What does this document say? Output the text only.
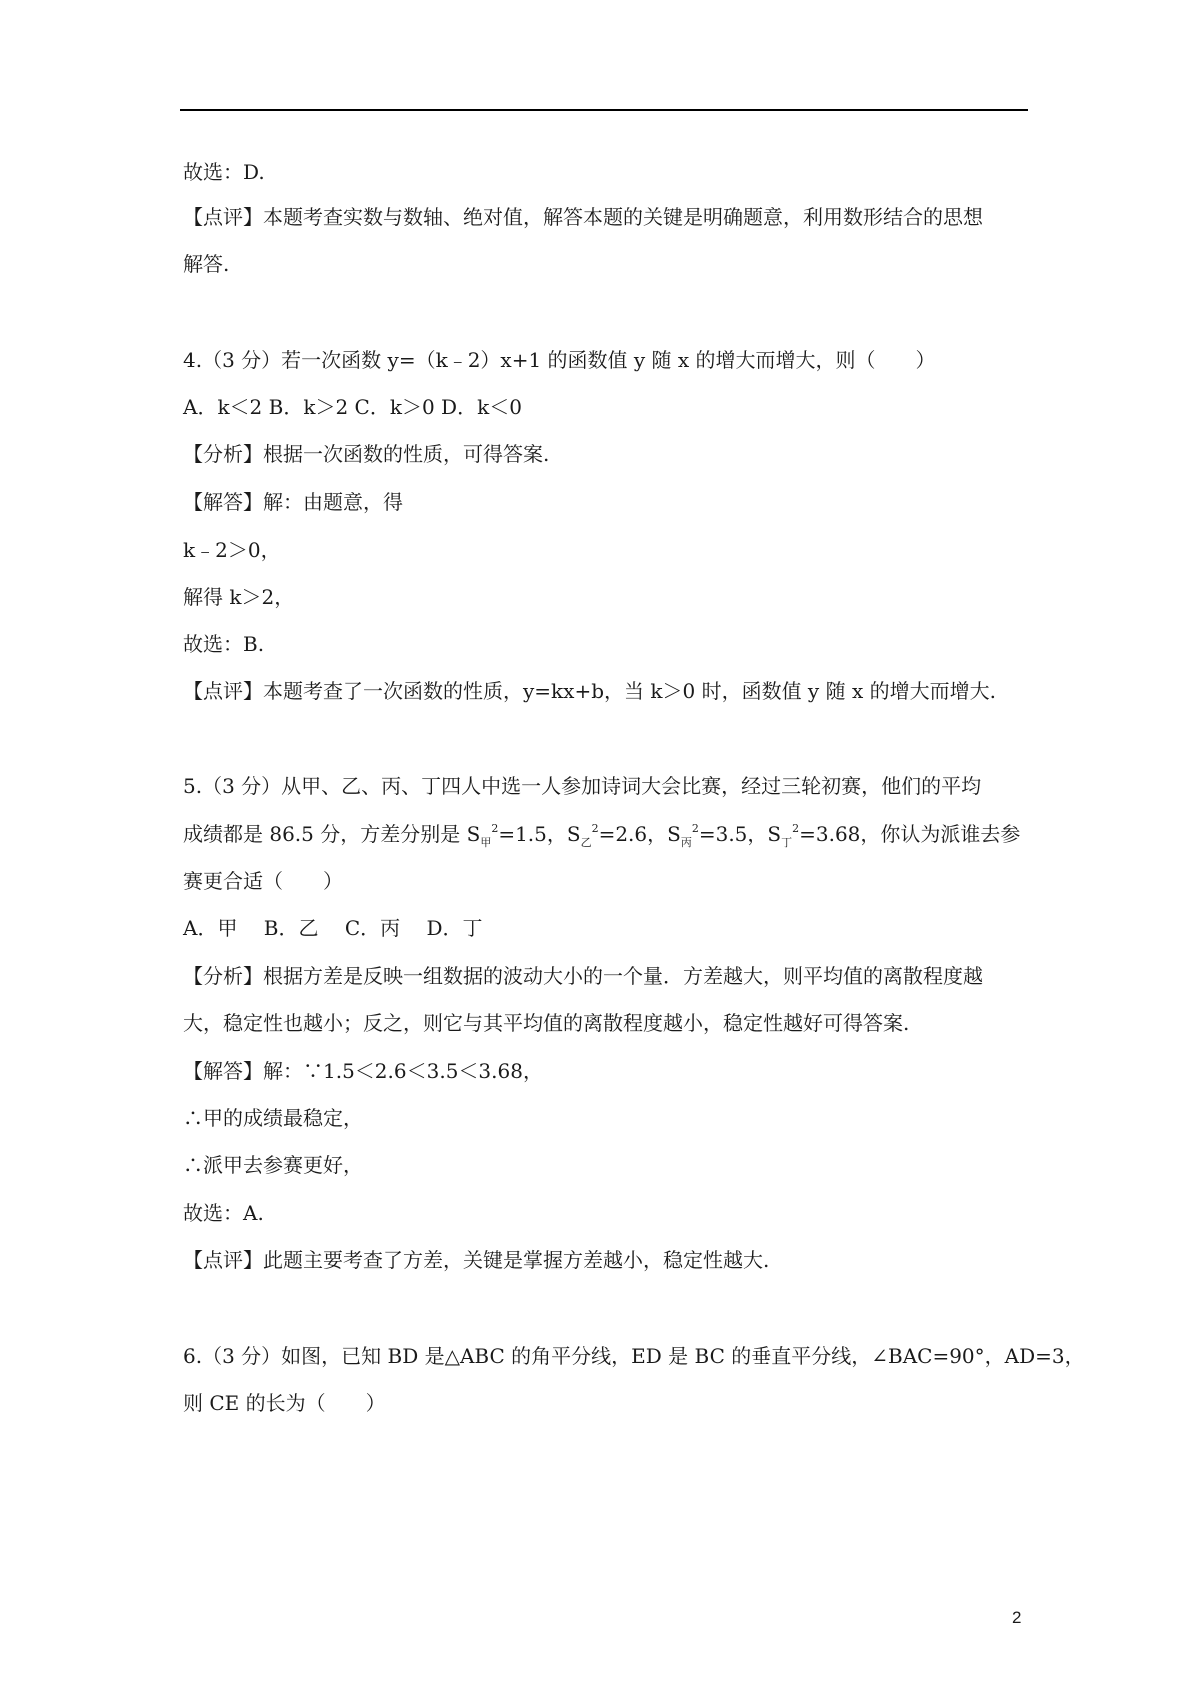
故选：D.
【点评】本题考查实数与数轴、绝对值，解答本题的关键是明确题意，利用数形结合的思想
解答.
4.（3 分）若一次函数 y=（k﹣2）x+1 的函数值 y 随 x 的增大而增大，则（　　）
A．k＜2 B．k＞2 C．k＞0 D．k＜0
【分析】根据一次函数的性质，可得答案.
【解答】解：由题意，得
k﹣2＞0，
解得 k＞2，
故选：B.
【点评】本题考查了一次函数的性质，y=kx+b，当 k＞0 时，函数值 y 随 x 的增大而增大.
5.（3 分）从甲、乙、丙、丁四人中选一人参加诗词大会比赛，经过三轮初赛，他们的平均
成绩都是 86.5 分，方差分别是 $S_甲^2=1.5$，$S_乙^2=2.6$，$S_丙^2=3.5$，$S_丁^2=3.68$，你认为派谁去参
赛更合适（　　）
A．甲　 B．乙　 C．丙　 D．丁
【分析】根据方差是反映一组数据的波动大小的一个量．方差越大，则平均值的离散程度越
大，稳定性也越小；反之，则它与其平均值的离散程度越小，稳定性越好可得答案.
【解答】解：∵1.5＜2.6＜3.5＜3.68，
∴甲的成绩最稳定，
∴派甲去参赛更好，
故选：A.
【点评】此题主要考查了方差，关键是掌握方差越小，稳定性越大.
6.（3 分）如图，已知 BD 是△ABC 的角平分线，ED 是 BC 的垂直平分线，∠BAC=90°，AD=3，
则 CE 的长为（　　）
2
